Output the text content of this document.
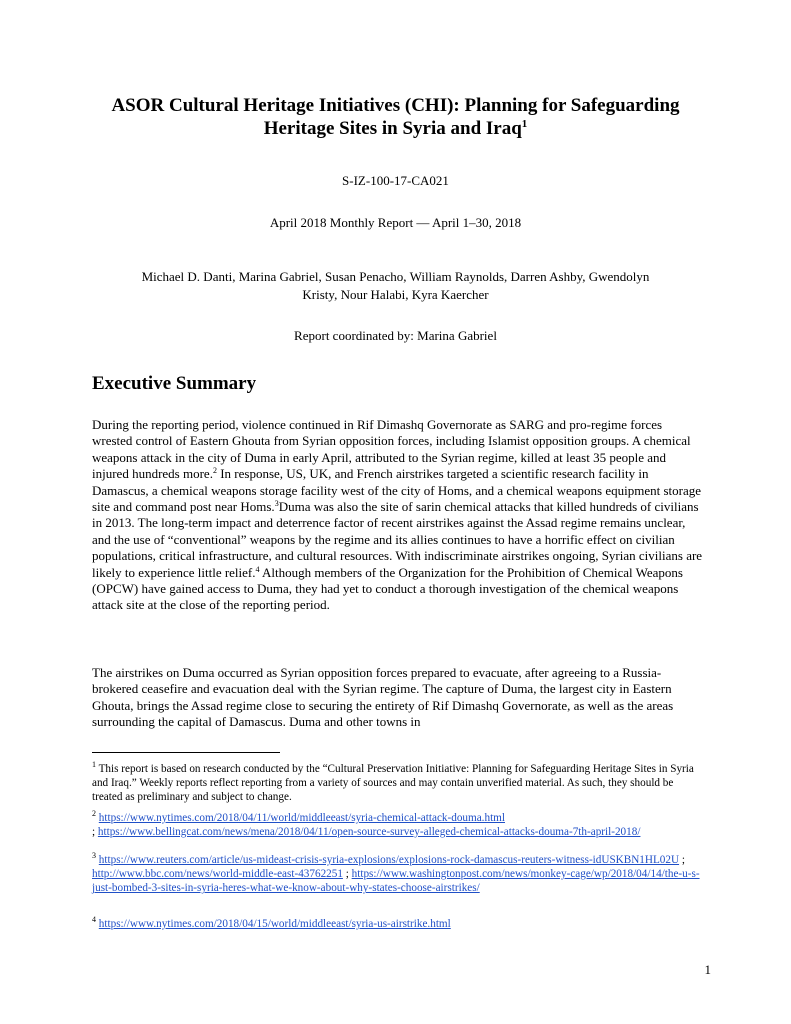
ASOR Cultural Heritage Initiatives (CHI): Planning for Safeguarding
Heritage Sites in Syria and Iraq$^1$
S-IZ-100-17-CA021
April 2018 Monthly Report — April 1–30, 2018
Michael D. Danti, Marina Gabriel, Susan Penacho, William Raynolds, Darren Ashby, Gwendolyn
Kristy, Nour Halabi, Kyra Kaercher
Report coordinated by: Marina Gabriel
Executive Summary

During the reporting period, violence continued in Rif Dimashq Governorate as SARG and pro-regime forces wrested control of Eastern Ghouta from Syrian opposition forces, including Islamist opposition groups. A chemical weapons attack in the city of Duma in early April, attributed to the Syrian regime, killed at least 35 people and injured hundreds more.$^2$ In response, US, UK, and French airstrikes targeted a scientific research facility in Damascus, a chemical weapons storage facility west of the city of Homs, and a chemical weapons equipment storage site and command post near Homs.$^3$Duma was also the site of sarin chemical attacks that killed hundreds of civilians in 2013. The long-term impact and deterrence factor of recent airstrikes against the Assad regime remains unclear, and the use of “conventional” weapons by the regime and its allies continues to have a horrific effect on civilian populations, critical infrastructure, and cultural resources. With indiscriminate airstrikes ongoing, Syrian civilians are likely to experience little relief.$^4$ Although members of the Organization for the Prohibition of Chemical Weapons (OPCW) have gained access to Duma, they had yet to conduct a thorough investigation of the chemical weapons attack site at the close of the reporting period.

The airstrikes on Duma occurred as Syrian opposition forces prepared to evacuate, after agreeing to a Russia-brokered ceasefire and evacuation deal with the Syrian regime. The capture of Duma, the largest city in Eastern Ghouta, brings the Assad regime close to securing the entirety of Rif Dimashq Governorate, as well as the areas surrounding the capital of Damascus. Duma and other towns in

$^1$ This report is based on research conducted by the “Cultural Preservation Initiative: Planning for Safeguarding Heritage Sites in Syria and Iraq.” Weekly reports reflect reporting from a variety of sources and may contain unverified material. As such, they should be treated as preliminary and subject to change.

$^2$ https://www.nytimes.com/2018/04/11/world/middleeast/syria-chemical-attack-douma.html
; https://www.bellingcat.com/news/mena/2018/04/11/open-source-survey-alleged-chemical-attacks-douma-7th-april-2018/

$^3$ https://www.reuters.com/article/us-mideast-crisis-syria-explosions/explosions-rock-damascus-reuters-witness-idUSKBN1HL02U ; http://www.bbc.com/news/world-middle-east-43762251 ; https://www.washingtonpost.com/news/monkey-cage/wp/2018/04/14/the-u-s-just-bombed-3-sites-in-syria-heres-what-we-know-about-why-states-choose-airstrikes/

$^4$ https://www.nytimes.com/2018/04/15/world/middleeast/syria-us-airstrike.html

1
